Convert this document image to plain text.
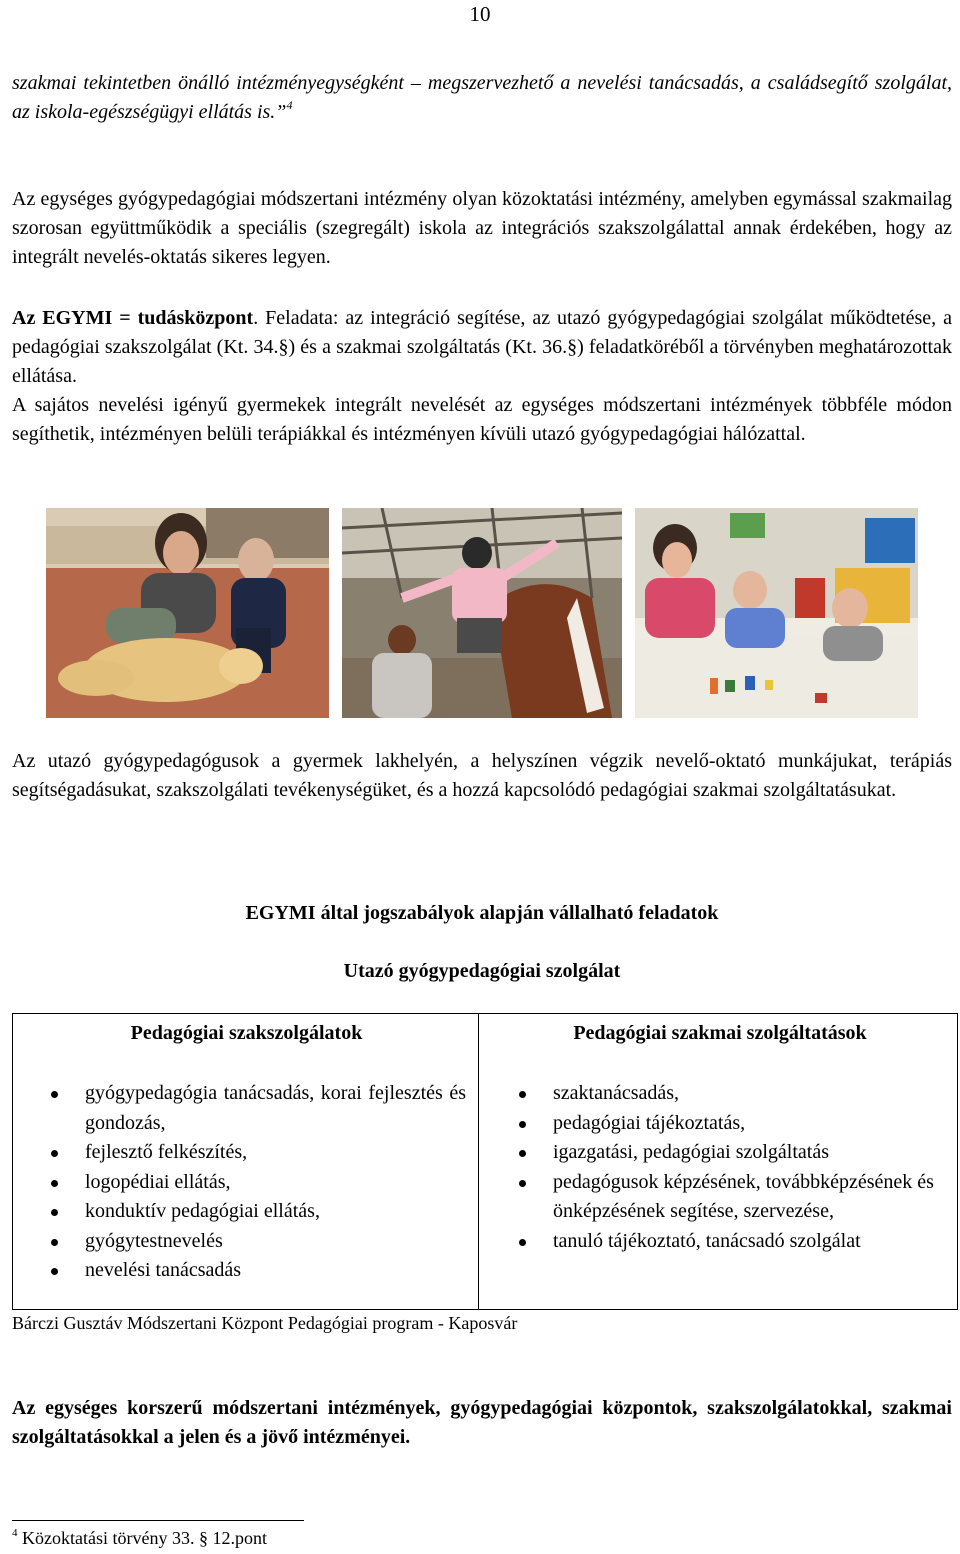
10

szakmai tekintetben önálló intézményegységként – megszervezhető a nevelési tanácsadás, a családsegítő szolgálat, az iskola-egészségügyi ellátás is.”$^4$

Az egységes gyógypedagógiai módszertani intézmény olyan közoktatási intézmény, amelyben egymással szakmailag szorosan együttműködik a speciális (szegregált) iskola az integrációs szakszolgálattal annak érdekében, hogy az integrált nevelés-oktatás sikeres legyen.

Az EGYMI = tudásközpont. Feladata: az integráció segítése, az utazó gyógypedagógiai szolgálat működtetése, a pedagógiai szakszolgálat (Kt. 34.§) és a szakmai szolgáltatás (Kt. 36.§) feladatköréből a törvényben meghatározottak ellátása.

A sajátos nevelési igényű gyermekek integrált nevelését az egységes módszertani intézmények többféle módon segíthetik, intézményen belüli terápiákkal és intézményen kívüli utazó gyógypedagógiai hálózattal.

Az utazó gyógypedagógusok a gyermek lakhelyén, a helyszínen végzik nevelő-oktató munkájukat, terápiás segítségadásukat, szakszolgálati tevékenységüket, és a hozzá kapcsolódó pedagógiai szakmai szolgáltatásukat.

EGYMI által jogszabályok alapján vállalható feladatok
Utazó gyógypedagógiai szolgálat
Pedagógiai szakszolgálatok
gyógypedagógia tanácsadás, korai fejlesztés és gondozás,
fejlesztő felkészítés,
logopédiai ellátás,
konduktív pedagógiai ellátás,
gyógytestnevelés
nevelési tanácsadás
Pedagógiai szakmai szolgáltatások
szaktanácsadás,
pedagógiai tájékoztatás,
igazgatási, pedagógiai szolgáltatás
pedagógusok képzésének, továbbképzésének és önképzésének segítése, szervezése,
tanuló tájékoztató, tanácsadó szolgálat
Bárczi Gusztáv Módszertani Központ Pedagógiai program - Kaposvár

Az egységes korszerű módszertani intézmények, gyógypedagógiai központok, szakszolgálatokkal, szakmai szolgáltatásokkal a jelen és a jövő intézményei.

$^4$ Közoktatási törvény 33. § 12.pont
